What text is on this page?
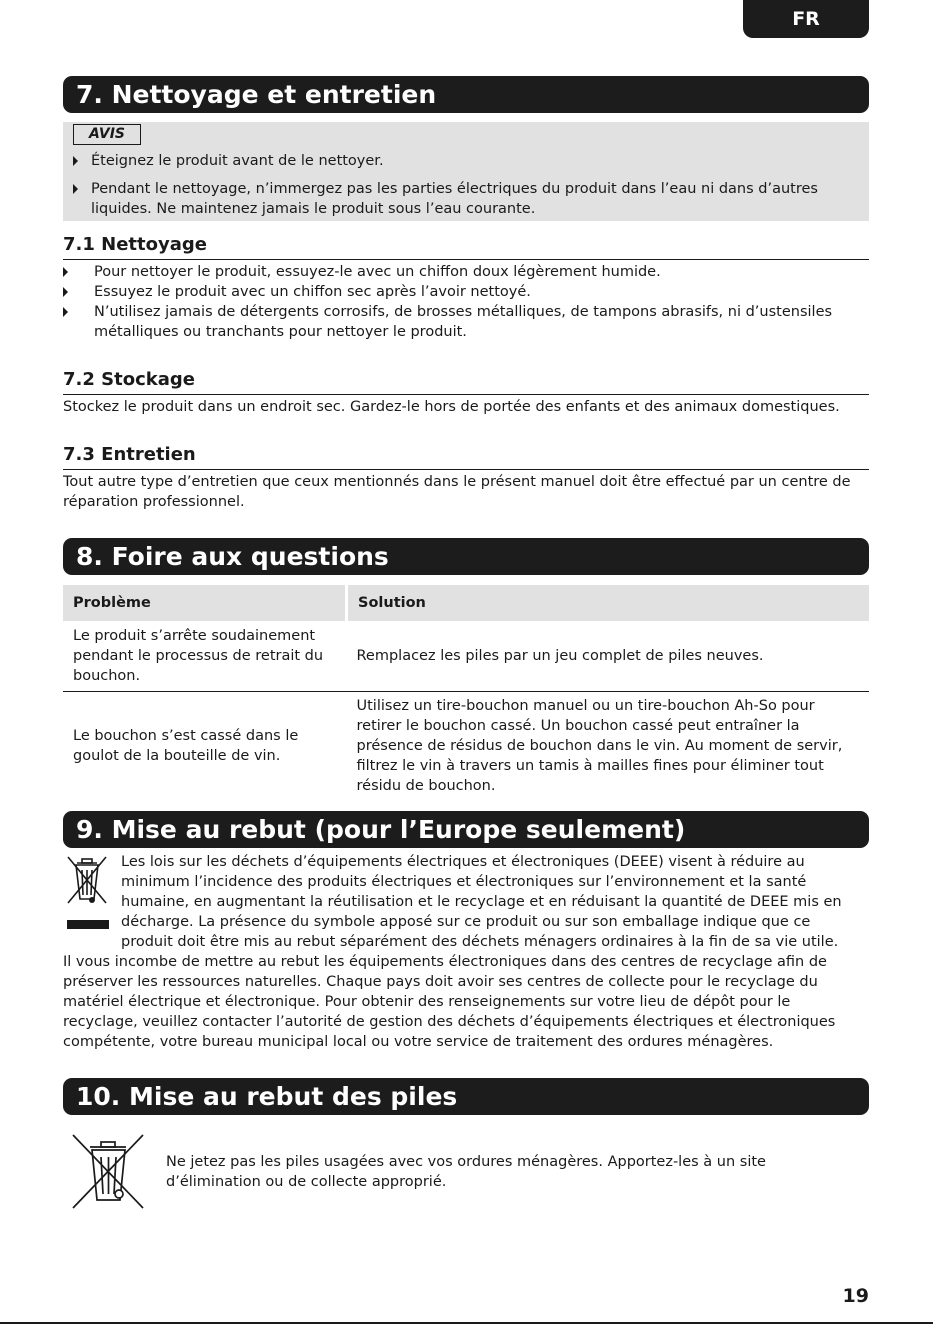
FR
7. Nettoyage et entretien
AVIS
Éteignez le produit avant de le nettoyer.
Pendant le nettoyage, n’immergez pas les parties électriques du produit dans l’eau ni dans d’autres liquides. Ne maintenez jamais le produit sous l’eau courante.
7.1 Nettoyage
Pour nettoyer le produit, essuyez-le avec un chiffon doux légèrement humide.
Essuyez le produit avec un chiffon sec après l’avoir nettoyé.
N’utilisez jamais de détergents corrosifs, de brosses métalliques, de tampons abrasifs, ni d’ustensiles métalliques ou tranchants pour nettoyer le produit.
7.2 Stockage
Stockez le produit dans un endroit sec. Gardez-le hors de portée des enfants et des animaux domestiques.
7.3 Entretien
Tout autre type d’entretien que ceux mentionnés dans le présent manuel doit être effectué par un centre de réparation professionnel.
8. Foire aux questions
Problème	Solution
Le produit s’arrête soudainement pendant le processus de retrait du bouchon.	Remplacez les piles par un jeu complet de piles neuves.
Le bouchon s’est cassé dans le goulot de la bouteille de vin.	Utilisez un tire-bouchon manuel ou un tire-bouchon Ah-So pour retirer le bouchon cassé. Un bouchon cassé peut entraîner la présence de résidus de bouchon dans le vin. Au moment de servir, filtrez le vin à travers un tamis à mailles fines pour éliminer tout résidu de bouchon.
9. Mise au rebut (pour l’Europe seulement)
Les lois sur les déchets d’équipements électriques et électroniques (DEEE) visent à réduire au
minimum l’incidence des produits électriques et électroniques sur l’environnement et la santé
humaine, en augmentant la réutilisation et le recyclage et en réduisant la quantité de DEEE mis en
décharge. La présence du symbole apposé sur ce produit ou sur son emballage indique que ce
produit doit être mis au rebut séparément des déchets ménagers ordinaires à la fin de sa vie utile.
Il vous incombe de mettre au rebut les équipements électroniques dans des centres de recyclage afin de préserver les ressources naturelles. Chaque pays doit avoir ses centres de collecte pour le recyclage du matériel électrique et électronique. Pour obtenir des renseignements sur votre lieu de dépôt pour le recyclage, veuillez contacter l’autorité de gestion des déchets d’équipements électriques et électroniques compétente, votre bureau municipal local ou votre service de traitement des ordures ménagères.
10. Mise au rebut des piles
Ne jetez pas les piles usagées avec vos ordures ménagères. Apportez-les à un site d’élimination ou de collecte approprié.
19
